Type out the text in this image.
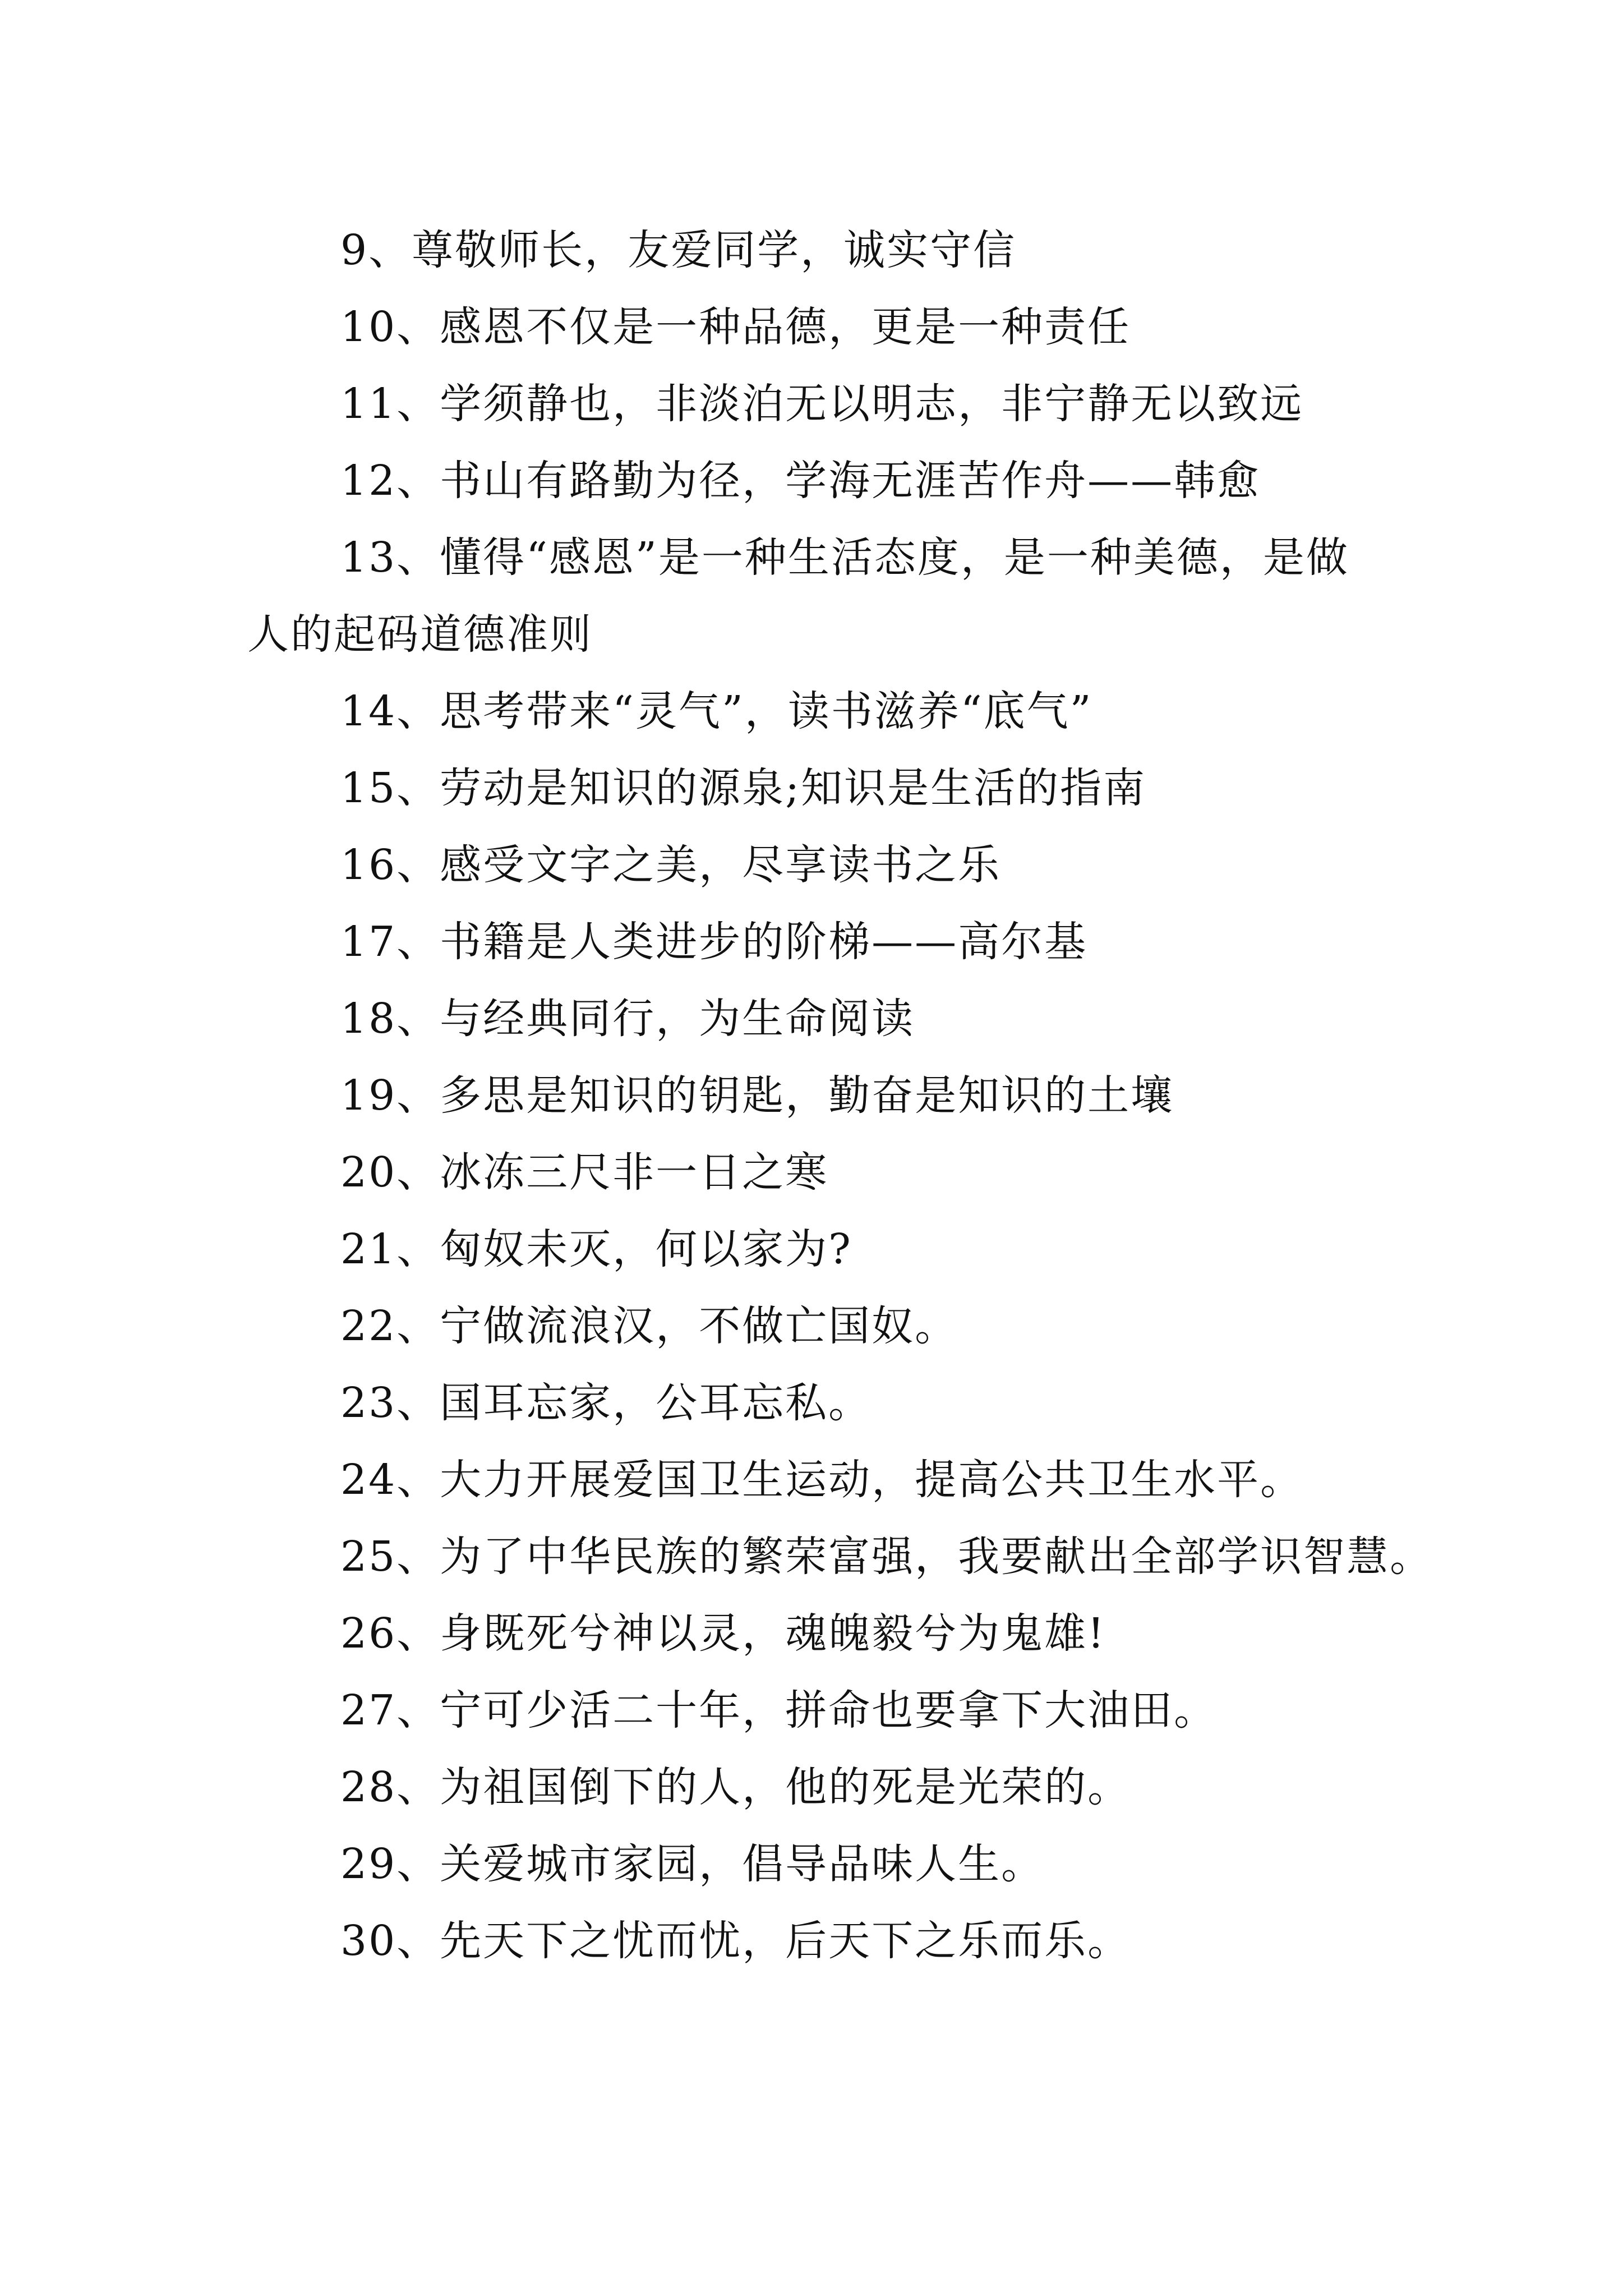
9、尊敬师长，友爱同学，诚实守信
10、感恩不仅是一种品德，更是一种责任
11、学须静也，非淡泊无以明志，非宁静无以致远
12、书山有路勤为径，学海无涯苦作舟——韩愈
13、懂得“感恩”是一种生活态度，是一种美德，是做人的起码道德准则
14、思考带来“灵气”，读书滋养“底气”
15、劳动是知识的源泉;知识是生活的指南
16、感受文字之美，尽享读书之乐
17、书籍是人类进步的阶梯——高尔基
18、与经典同行，为生命阅读
19、多思是知识的钥匙，勤奋是知识的土壤
20、冰冻三尺非一日之寒
21、匈奴未灭，何以家为?
22、宁做流浪汉，不做亡国奴。
23、国耳忘家，公耳忘私。
24、大力开展爱国卫生运动，提高公共卫生水平。
25、为了中华民族的繁荣富强，我要献出全部学识智慧。
26、身既死兮神以灵，魂魄毅兮为鬼雄!
27、宁可少活二十年，拼命也要拿下大油田。
28、为祖国倒下的人，他的死是光荣的。
29、关爱城市家园，倡导品味人生。
30、先天下之忧而忧，后天下之乐而乐。
